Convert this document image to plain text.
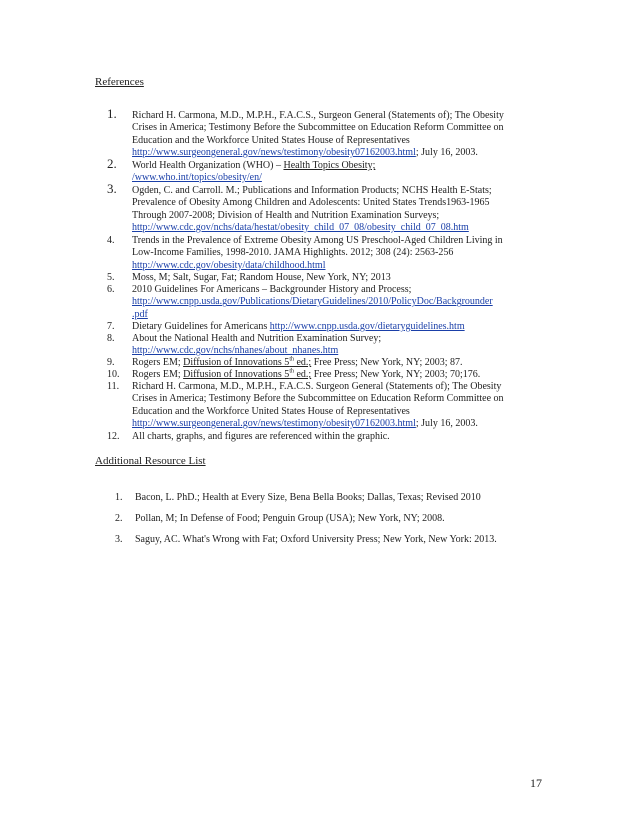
References
1.	Richard H. Carmona, M.D., M.P.H., F.A.C.S., Surgeon General (Statements of); The Obesity
Crises in America; Testimony Before the Subcommittee on Education Reform Committee on
Education and the Workforce United States House of Representatives
http://www.surgeongeneral.gov/news/testimony/obesity07162003.html; July 16, 2003.
2.	World Health Organization (WHO) – Health Topics Obesity;
/www.who.int/topics/obesity/en/
3.	Ogden, C. and Carroll. M.; Publications and Information Products; NCHS Health E-Stats;
Prevalence of Obesity Among Children and Adolescents: United States Trends1963-1965
Through 2007-2008; Division of Health and Nutrition Examination Surveys;
http://www.cdc.gov/nchs/data/hestat/obesity_child_07_08/obesity_child_07_08.htm
4.	Trends in the Prevalence of Extreme Obesity Among US Preschool-Aged Children Living in
Low-Income Families, 1998-2010. JAMA Highlights. 2012; 308 (24): 2563-256
http://www.cdc.gov/obesity/data/childhood.html
5.	Moss, M; Salt, Sugar, Fat; Random House, New York, NY; 2013
6.	2010 Guidelines For Americans – Backgrounder History and Process;
http://www.cnpp.usda.gov/Publications/DietaryGuidelines/2010/PolicyDoc/Backgrounder
.pdf
7.	Dietary Guidelines for Americans http://www.cnpp.usda.gov/dietaryguidelines.htm
8.	About the National Health and Nutrition Examination Survey;
http://www.cdc.gov/nchs/nhanes/about_nhanes.htm
9.	Rogers EM; Diffusion of Innovations 5th ed.; Free Press; New York, NY; 2003; 87.
10.	Rogers EM; Diffusion of Innovations 5th ed.; Free Press; New York, NY; 2003; 70;176.
11.	Richard H. Carmona, M.D., M.P.H., F.A.C.S. Surgeon General (Statements of); The Obesity
Crises in America; Testimony Before the Subcommittee on Education Reform Committee on
Education and the Workforce United States House of Representatives
http://www.surgeongeneral.gov/news/testimony/obesity07162003.html; July 16, 2003.
12.	All charts, graphs, and figures are referenced within the graphic.
Additional Resource List
1. Bacon, L. PhD.; Health at Every Size, Bena Bella Books; Dallas, Texas; Revised 2010
2. Pollan, M; In Defense of Food; Penguin Group (USA); New York, NY; 2008.
3. Saguy, AC. What's Wrong with Fat; Oxford University Press; New York, New York: 2013.
17
